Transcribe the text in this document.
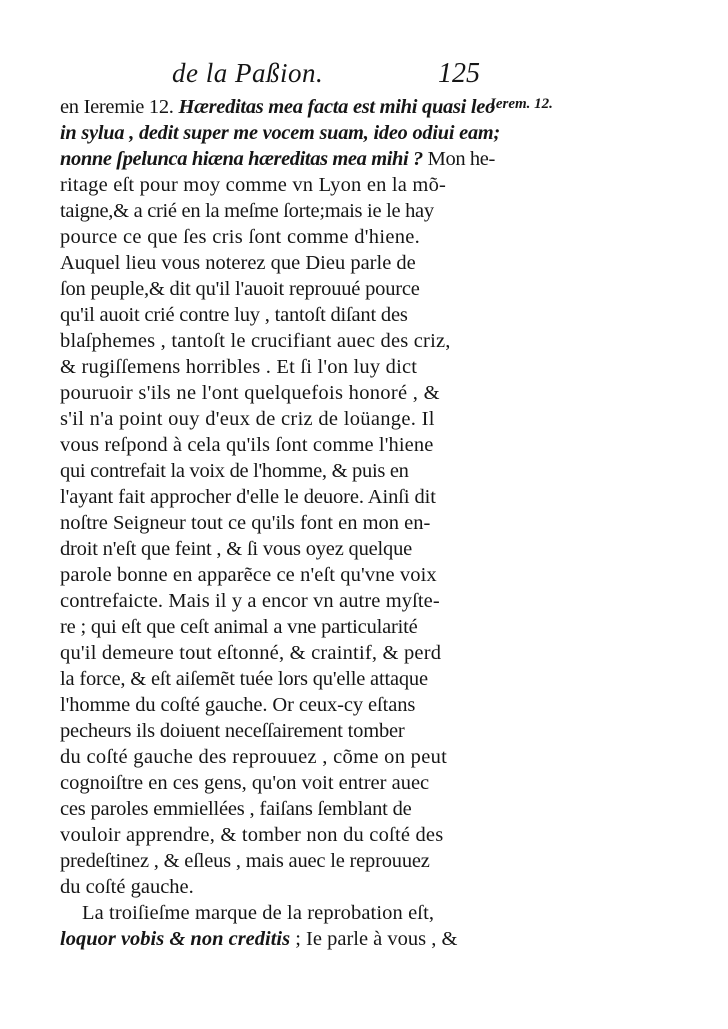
de la Paßion.	125
Ierem. 12.
en Ieremie 12. Hæreditas mea facta est mihi quasi leo
in sylua , dedit super me vocem suam, ideo odiui eam;
nonne ſpelunca hiæna hæreditas mea mihi ? Mon he-
ritage eſt pour moy comme vn Lyon en la mõ-
taigne,& a crié en la meſme ſorte;mais ie le hay
pource ce que ſes cris ſont comme d'hiene.
Auquel lieu vous noterez que Dieu parle de
ſon peuple,& dit qu'il l'auoit reprouué pource
qu'il auoit crié contre luy , tantoſt diſant des
blaſphemes , tantoſt le crucifiant auec des criz,
& rugiſſemens horribles . Et ſi l'on luy dict
pouruoir s'ils ne l'ont quelquefois honoré , &
s'il n'a point ouy d'eux de criz de loüange. Il
vous reſpond à cela qu'ils ſont comme l'hiene
qui contrefait la voix de l'homme, & puis en
l'ayant fait approcher d'elle le deuore. Ainſi dit
noſtre Seigneur tout ce qu'ils font en mon en-
droit n'eſt que feint , & ſi vous oyez quelque
parole bonne en apparẽce ce n'eſt qu'vne voix
contrefaicte. Mais il y a encor vn autre myſte-
re ; qui eſt que ceſt animal a vne particularité
qu'il demeure tout eſtonné, & craintif, & perd
la force, & eſt aiſemẽt tuée lors qu'elle attaque
l'homme du coſté gauche. Or ceux-cy eſtans
pecheurs ils doiuent neceſſairement tomber
du coſté gauche des reprouuez , cõme on peut
cognoiſtre en ces gens, qu'on voit entrer auec
ces paroles emmiellées , faiſans ſemblant de
vouloir apprendre, & tomber non du coſté des
predeſtinez , & eſleus , mais auec le reprouuez
du coſté gauche.
La troiſieſme marque de la reprobation eſt,
loquor vobis & non creditis ; Ie parle à vous , &
